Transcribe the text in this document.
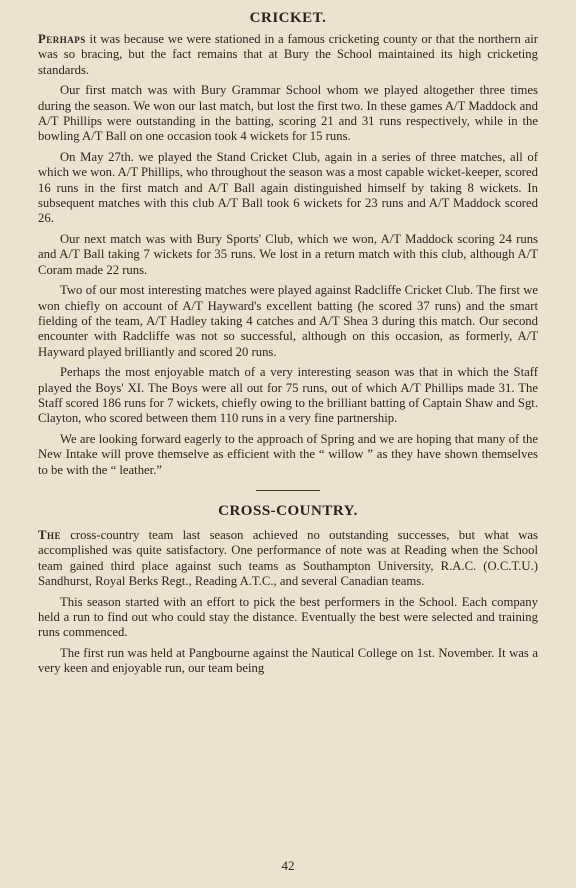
CRICKET.

Perhaps it was because we were stationed in a famous cricketing county or that the northern air was so bracing, but the fact remains that at Bury the School maintained its high cricketing standards.

Our first match was with Bury Grammar School whom we played altogether three times during the season. We won our last match, but lost the first two. In these games A/T Maddock and A/T Phillips were outstanding in the batting, scoring 21 and 31 runs respectively, while in the bowling A/T Ball on one occasion took 4 wickets for 15 runs.

On May 27th. we played the Stand Cricket Club, again in a series of three matches, all of which we won. A/T Phillips, who throughout the season was a most capable wicket-keeper, scored 16 runs in the first match and A/T Ball again distinguished himself by taking 8 wickets. In subsequent matches with this club A/T Ball took 6 wickets for 23 runs and A/T Maddock scored 26.

Our next match was with Bury Sports' Club, which we won, A/T Maddock scoring 24 runs and A/T Ball taking 7 wickets for 35 runs. We lost in a return match with this club, although A/T Coram made 22 runs.

Two of our most interesting matches were played against Radcliffe Cricket Club. The first we won chiefly on account of A/T Hayward's excellent batting (he scored 37 runs) and the smart fielding of the team, A/T Hadley taking 4 catches and A/T Shea 3 during this match. Our second encounter with Radcliffe was not so successful, although on this occasion, as formerly, A/T Hayward played brilliantly and scored 20 runs.

Perhaps the most enjoyable match of a very interesting season was that in which the Staff played the Boys' XI. The Boys were all out for 75 runs, out of which A/T Phillips made 31. The Staff scored 186 runs for 7 wickets, chiefly owing to the brilliant batting of Captain Shaw and Sgt. Clayton, who scored between them 110 runs in a very fine partnership.

We are looking forward eagerly to the approach of Spring and we are hoping that many of the New Intake will prove themselve as efficient with the “ willow ” as they have shown themselves to be with the “ leather.”

CROSS-COUNTRY.

The cross-country team last season achieved no outstanding successes, but what was accomplished was quite satisfactory. One performance of note was at Reading when the School team gained third place against such teams as Southampton University, R.A.C. (O.C.T.U.) Sandhurst, Royal Berks Regt., Reading A.T.C., and several Canadian teams.

This season started with an effort to pick the best performers in the School. Each company held a run to find out who could stay the distance. Eventually the best were selected and training runs commenced.

The first run was held at Pangbourne against the Nautical College on 1st. November. It was a very keen and enjoyable run, our team being

42
